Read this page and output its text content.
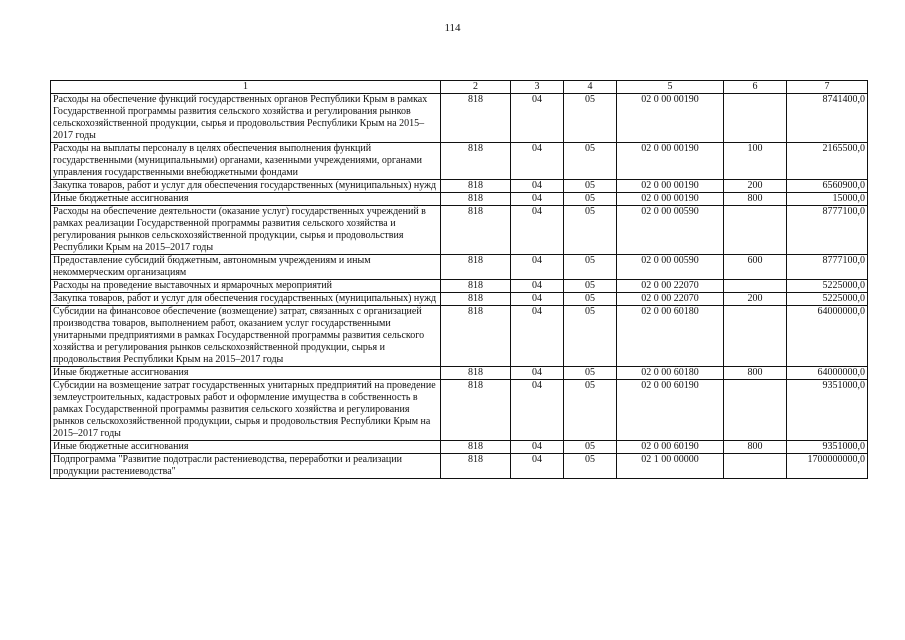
114
1	2	3	4	5	6	7
Расходы на обеспечение функций государственных органов Республики Крым в рамках Государственной программы развития сельского хозяйства и регулирования рынков сельскохозяйственной продукции, сырья и продовольствия Республики Крым на 2015–2017 годы	818	04	05	02 0 00 00190		8741400,0
Расходы на выплаты персоналу в целях обеспечения выполнения функций государственными (муниципальными) органами, казенными учреждениями, органами управления государственными внебюджетными фондами	818	04	05	02 0 00 00190	100	2165500,0
Закупка товаров, работ и услуг для обеспечения государственных (муниципальных) нужд	818	04	05	02 0 00 00190	200	6560900,0
Иные бюджетные ассигнования	818	04	05	02 0 00 00190	800	15000,0
Расходы на обеспечение деятельности (оказание услуг) государственных учреждений в рамках реализации Государственной программы развития сельского хозяйства и регулирования рынков сельскохозяйственной продукции, сырья и продовольствия Республики Крым на 2015–2017 годы	818	04	05	02 0 00 00590		8777100,0
Предоставление субсидий бюджетным, автономным учреждениям и иным некоммерческим организациям	818	04	05	02 0 00 00590	600	8777100,0
Расходы на проведение выставочных и ярмарочных мероприятий	818	04	05	02 0 00 22070		5225000,0
Закупка товаров, работ и услуг для обеспечения государственных (муниципальных) нужд	818	04	05	02 0 00 22070	200	5225000,0
Субсидии на финансовое обеспечение (возмещение) затрат, связанных с организацией производства товаров, выполнением работ, оказанием услуг государственными унитарными предприятиями в рамках Государственной программы развития сельского хозяйства и регулирования рынков сельскохозяйственной продукции, сырья и продовольствия Республики Крым на 2015–2017 годы	818	04	05	02 0 00 60180		64000000,0
Иные бюджетные ассигнования	818	04	05	02 0 00 60180	800	64000000,0
Субсидии на возмещение затрат государственных унитарных предприятий на проведение землеустроительных, кадастровых работ и оформление имущества в собственность в рамках Государственной программы развития сельского хозяйства и регулирования рынков сельскохозяйственной продукции, сырья и продовольствия Республики Крым на 2015–2017 годы	818	04	05	02 0 00 60190		9351000,0
Иные бюджетные ассигнования	818	04	05	02 0 00 60190	800	9351000,0
Подпрограмма "Развитие подотрасли растениеводства, переработки и реализации продукции растениеводства"	818	04	05	02 1 00 00000		1700000000,0
